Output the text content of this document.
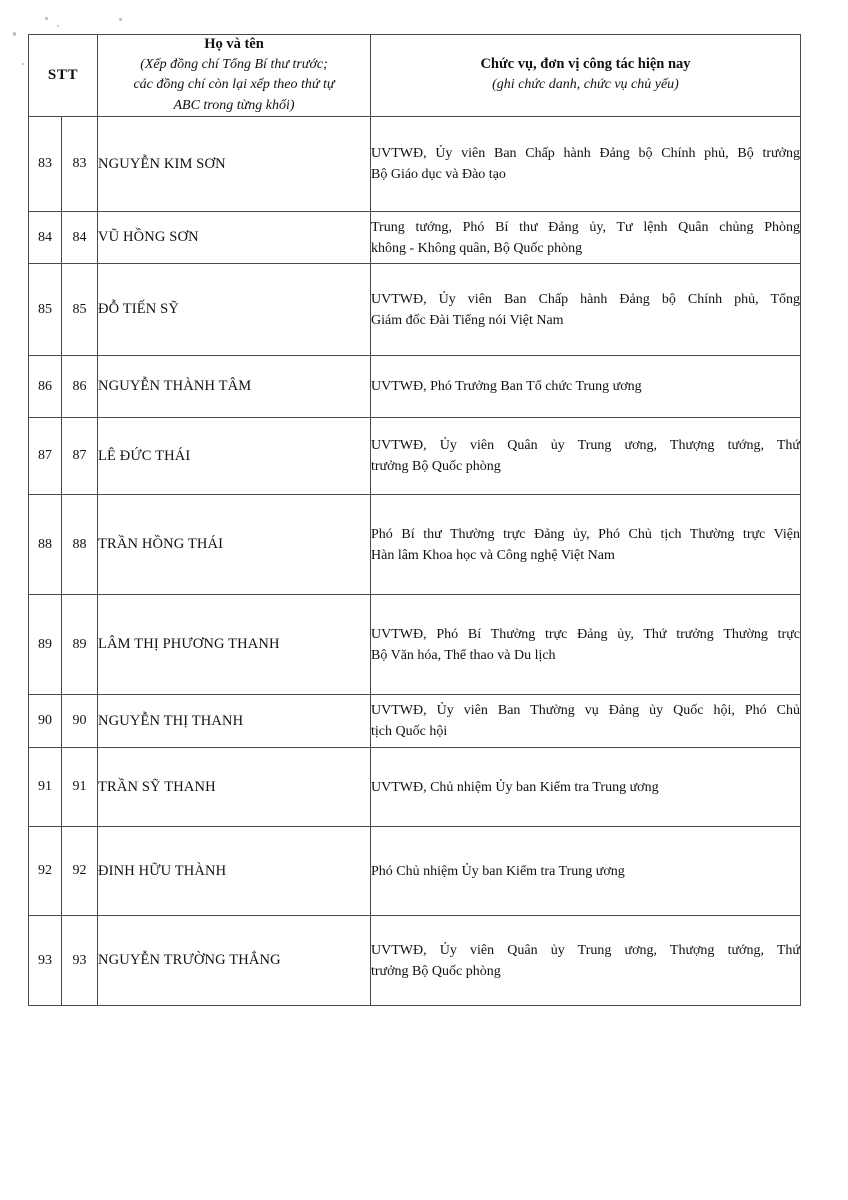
STT		Họ và tên
(Xếp đồng chí Tổng Bí thư trước;
các đồng chí còn lại xếp theo thứ tự
ABC trong từng khối)	Chức vụ, đơn vị công tác hiện nay
(ghi chức danh, chức vụ chủ yếu)

83	83	NGUYỄN KIM SƠN	UVTWĐ, Ủy viên Ban Chấp hành Đảng bộ Chính phủ, Bộ trưởng
Bộ Giáo dục và Đào tạo

84	84	VŨ HỒNG SƠN	Trung tướng, Phó Bí thư Đảng ủy, Tư lệnh Quân chủng Phòng
không - Không quân, Bộ Quốc phòng

85	85	ĐỖ TIẾN SỸ	UVTWĐ, Ủy viên Ban Chấp hành Đảng bộ Chính phủ, Tổng
Giám đốc Đài Tiếng nói Việt Nam

86	86	NGUYỄN THÀNH TÂM	UVTWĐ, Phó Trưởng Ban Tổ chức Trung ương

87	87	LÊ ĐỨC THÁI	UVTWĐ, Ủy viên Quân ủy Trung ương, Thượng tướng, Thứ
trưởng Bộ Quốc phòng

88	88	TRẦN HỒNG THÁI	Phó Bí thư Thường trực Đảng ủy, Phó Chủ tịch Thường trực Viện
Hàn lâm Khoa học và Công nghệ Việt Nam

89	89	LÂM THỊ PHƯƠNG THANH	UVTWĐ, Phó Bí Thường trực Đảng ủy, Thứ trưởng Thường trực
Bộ Văn hóa, Thể thao và Du lịch

90	90	NGUYỄN THỊ THANH	UVTWĐ, Ủy viên Ban Thường vụ Đảng ủy Quốc hội, Phó Chủ
tịch Quốc hội

91	91	TRẦN SỸ THANH	UVTWĐ, Chủ nhiệm Ủy ban Kiểm tra Trung ương

92	92	ĐINH HỮU THÀNH	Phó Chủ nhiệm Ủy ban Kiểm tra Trung ương

93	93	NGUYỄN TRƯỜNG THẮNG	UVTWĐ, Ủy viên Quân ủy Trung ương, Thượng tướng, Thứ
trưởng Bộ Quốc phòng
